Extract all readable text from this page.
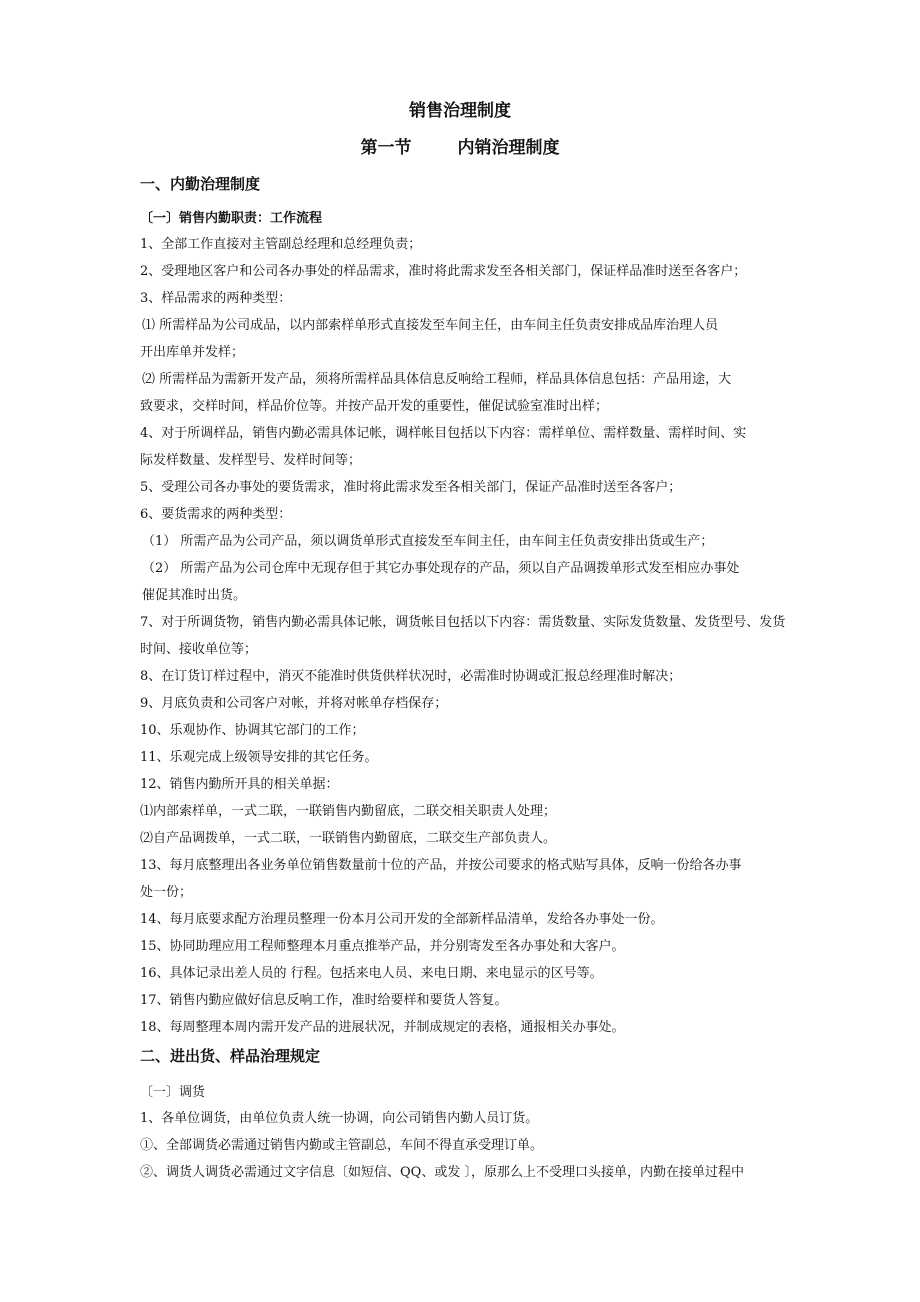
销售治理制度
第一节	内销治理制度
一、内勤治理制度
〔一〕销售内勤职责：工作流程
1、全部工作直接对主管副总经理和总经理负责；
2、受理地区客户和公司各办事处的样品需求，准时将此需求发至各相关部门，保证样品准时送至各客户；
3、样品需求的两种类型：
⑴ 所需样品为公司成品，以内部索样单形式直接发至车间主任，由车间主任负责安排成品库治理人员
开出库单并发样；
⑵ 所需样品为需新开发产品，须将所需样品具体信息反响给工程师，样品具体信息包括：产品用途，大
致要求，交样时间，样品价位等。并按产品开发的重要性，催促试验室准时出样；
4、对于所调样品，销售内勤必需具体记帐，调样帐目包括以下内容：需样单位、需样数量、需样时间、实
际发样数量、发样型号、发样时间等；
5、受理公司各办事处的要货需求，准时将此需求发至各相关部门，保证产品准时送至各客户；
6、要货需求的两种类型：
（1） 所需产品为公司产品，须以调货单形式直接发至车间主任，由车间主任负责安排出货或生产；
（2） 所需产品为公司仓库中无现存但于其它办事处现存的产品，须以自产品调拨单形式发至相应办事处
催促其准时出货。
7、对于所调货物，销售内勤必需具体记帐，调货帐目包括以下内容：需货数量、实际发货数量、发货型号、发货
时间、接收单位等；
8、在订货订样过程中，消灭不能准时供货供样状况时，必需准时协调或汇报总经理准时解决；
9、月底负责和公司客户对帐，并将对帐单存档保存；
10、乐观协作、协调其它部门的工作；
11、乐观完成上级领导安排的其它任务。
12、销售内勤所开具的相关单据：
⑴内部索样单，一式二联，一联销售内勤留底，二联交相关职责人处理；
⑵自产品调拨单，一式二联，一联销售内勤留底，二联交生产部负责人。
13、每月底整理出各业务单位销售数量前十位的产品，并按公司要求的格式贴写具体，反响一份给各办事
处一份；
14、每月底要求配方治理员整理一份本月公司开发的全部新样品清单，发给各办事处一份。
15、协同助理应用工程师整理本月重点推举产品，并分别寄发至各办事处和大客户。
16、具体记录出差人员的 行程。包括来电人员、来电日期、来电显示的区号等。
17、销售内勤应做好信息反响工作，准时给要样和要货人答复。
18、每周整理本周内需开发产品的进展状况，并制成规定的表格，通报相关办事处。
二、进出货、样品治理规定
〔一〕调货
1、各单位调货，由单位负责人统一协调，向公司销售内勤人员订货。
①、全部调货必需通过销售内勤或主管副总，车间不得直承受理订单。
②、调货人调货必需通过文字信息〔如短信、QQ、或发 〕，原那么上不受理口头接单，内勤在接单过程中
